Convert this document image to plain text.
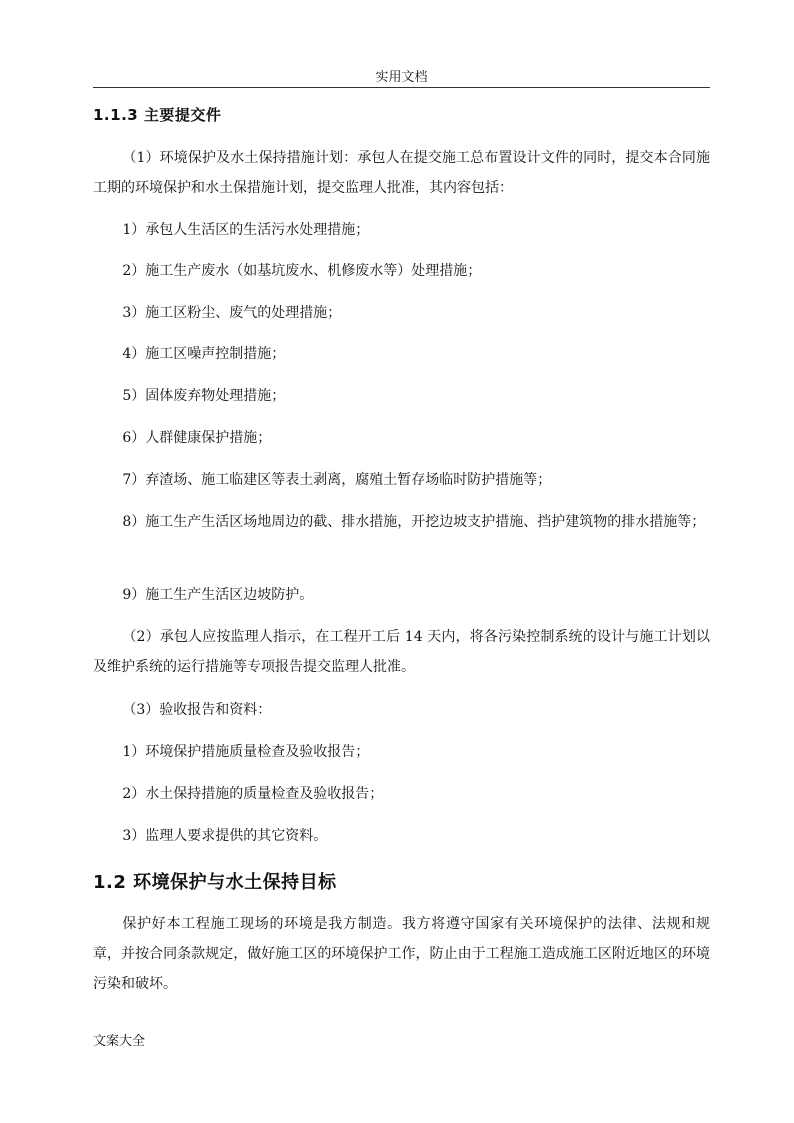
实用文档
1.1.3 主要提交件
（1）环境保护及水土保持措施计划：承包人在提交施工总布置设计文件的同时，提交本合同施工期的环境保护和水土保措施计划，提交监理人批准，其内容包括：
1）承包人生活区的生活污水处理措施；
2）施工生产废水（如基坑废水、机修废水等）处理措施；
3）施工区粉尘、废气的处理措施；
4）施工区噪声控制措施；
5）固体废弃物处理措施；
6）人群健康保护措施；
7）弃渣场、施工临建区等表土剥离，腐殖土暂存场临时防护措施等；
8）施工生产生活区场地周边的截、排水措施，开挖边坡支护措施、挡护建筑物的排水措施等；
9）施工生产生活区边坡防护。
（2）承包人应按监理人指示，在工程开工后 14 天内，将各污染控制系统的设计与施工计划以及维护系统的运行措施等专项报告提交监理人批准。
（3）验收报告和资料：
1）环境保护措施质量检查及验收报告；
2）水土保持措施的质量检查及验收报告；
3）监理人要求提供的其它资料。
1.2 环境保护与水土保持目标
保护好本工程施工现场的环境是我方制造。我方将遵守国家有关环境保护的法律、法规和规章，并按合同条款规定，做好施工区的环境保护工作，防止由于工程施工造成施工区附近地区的环境污染和破坏。
文案大全
